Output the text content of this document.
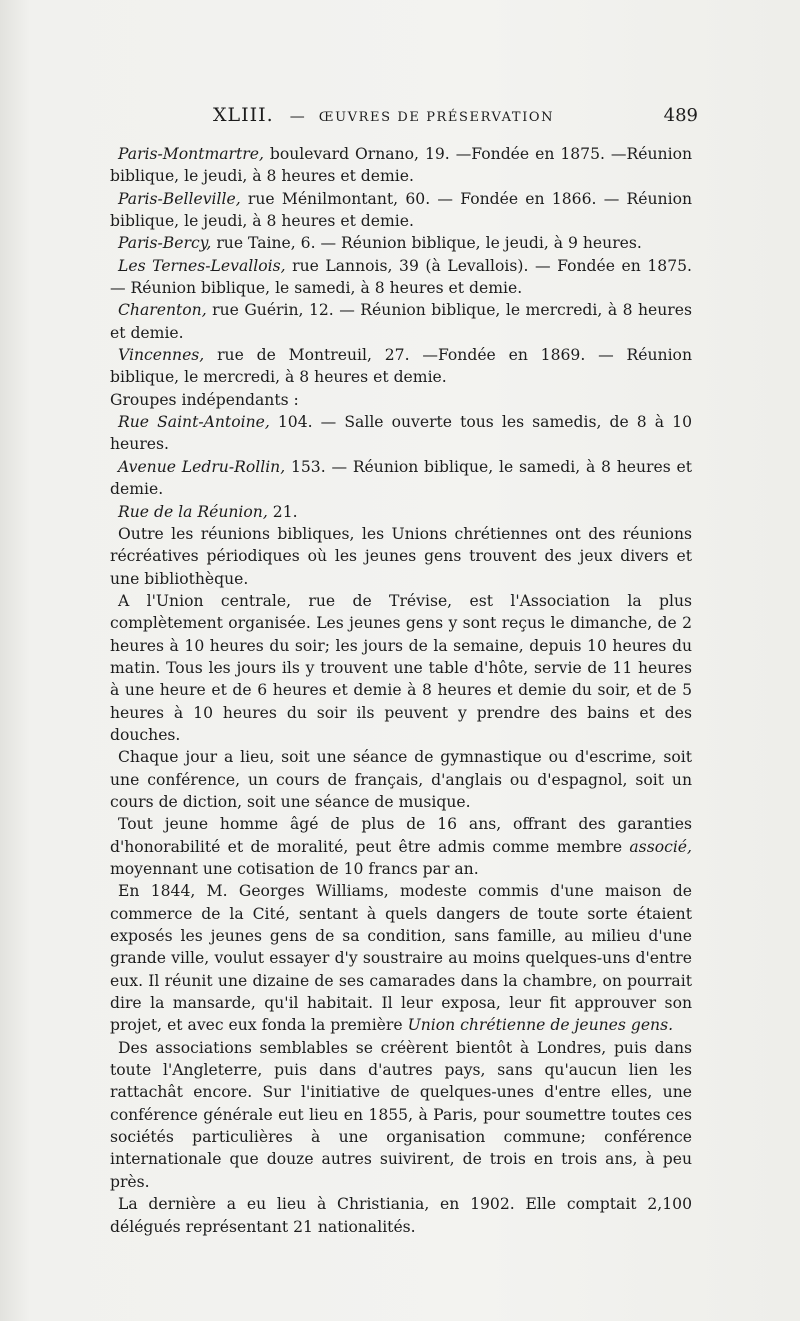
XLIII. — ŒUVRES DE PRÉSERVATION	489

Paris-Montmartre, boulevard Ornano, 19. —Fondée en 1875. —Réunion biblique, le jeudi, à 8 heures et demie.

Paris-Belleville, rue Ménilmontant, 60. — Fondée en 1866. — Réunion biblique, le jeudi, à 8 heures et demie.

Paris-Bercy, rue Taine, 6. — Réunion biblique, le jeudi, à 9 heures.

Les Ternes-Levallois, rue Lannois, 39 (à Levallois). — Fondée en 1875. — Réunion biblique, le samedi, à 8 heures et demie.

Charenton, rue Guérin, 12. — Réunion biblique, le mercredi, à 8 heures et demie.

Vincennes, rue de Montreuil, 27. —Fondée en 1869. — Réunion biblique, le mercredi, à 8 heures et demie.

Groupes indépendants :

Rue Saint-Antoine, 104. — Salle ouverte tous les samedis, de 8 à 10 heures.

Avenue Ledru-Rollin, 153. — Réunion biblique, le samedi, à 8 heures et demie.

Rue de la Réunion, 21.

Outre les réunions bibliques, les Unions chrétiennes ont des réunions récréatives périodiques où les jeunes gens trouvent des jeux divers et une bibliothèque.

A l'Union centrale, rue de Trévise, est l'Association la plus complètement organisée. Les jeunes gens y sont reçus le dimanche, de 2 heures à 10 heures du soir; les jours de la semaine, depuis 10 heures du matin. Tous les jours ils y trouvent une table d'hôte, servie de 11 heures à une heure et de 6 heures et demie à 8 heures et demie du soir, et de 5 heures à 10 heures du soir ils peuvent y prendre des bains et des douches.

Chaque jour a lieu, soit une séance de gymnastique ou d'escrime, soit une conférence, un cours de français, d'anglais ou d'espagnol, soit un cours de diction, soit une séance de musique.

Tout jeune homme âgé de plus de 16 ans, offrant des garanties d'honorabilité et de moralité, peut être admis comme membre associé, moyennant une cotisation de 10 francs par an.

En 1844, M. Georges Williams, modeste commis d'une maison de commerce de la Cité, sentant à quels dangers de toute sorte étaient exposés les jeunes gens de sa condition, sans famille, au milieu d'une grande ville, voulut essayer d'y soustraire au moins quelques-uns d'entre eux. Il réunit une dizaine de ses camarades dans la chambre, on pourrait dire la mansarde, qu'il habitait. Il leur exposa, leur fit approuver son projet, et avec eux fonda la première Union chrétienne de jeunes gens.

Des associations semblables se créèrent bientôt à Londres, puis dans toute l'Angleterre, puis dans d'autres pays, sans qu'aucun lien les rattachât encore. Sur l'initiative de quelques-unes d'entre elles, une conférence générale eut lieu en 1855, à Paris, pour soumettre toutes ces sociétés particulières à une organisation commune; conférence internationale que douze autres suivirent, de trois en trois ans, à peu près.

La dernière a eu lieu à Christiania, en 1902. Elle comptait 2,100 délégués représentant 21 nationalités.
